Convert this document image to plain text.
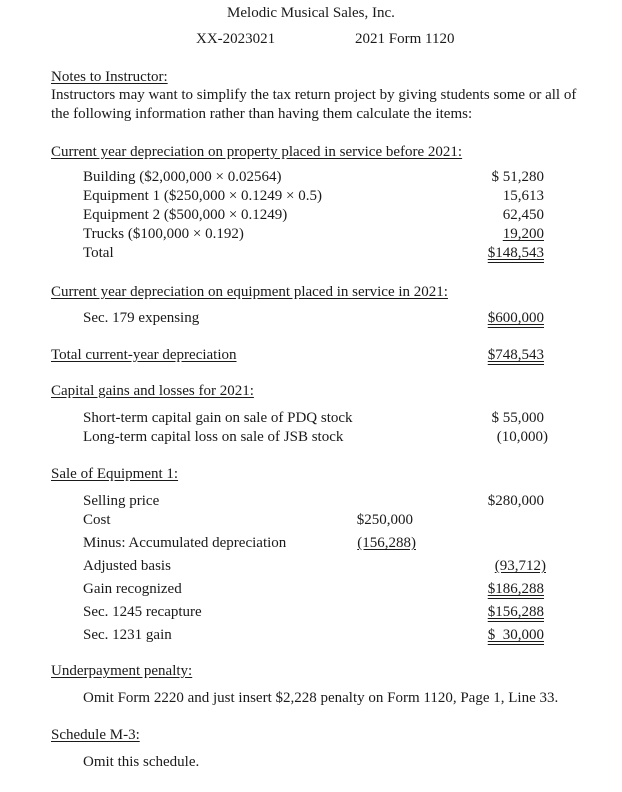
Melodic Musical Sales, Inc.
XX-2023021	2021 Form 1120
Notes to Instructor:
Instructors may want to simplify the tax return project by giving students some or all of the following information rather than having them calculate the items:
Current year depreciation on property placed in service before 2021:
Building ($2,000,000 × 0.02564)	$ 51,280
Equipment 1 ($250,000 × 0.1249 × 0.5)	15,613
Equipment 2 ($500,000 × 0.1249)	62,450
Trucks ($100,000 × 0.192)	19,200
Total	$148,543
Current year depreciation on equipment placed in service in 2021:
Sec. 179 expensing	$600,000
Total current-year depreciation	$748,543
Capital gains and losses for 2021:
Short-term capital gain on sale of PDQ stock	$ 55,000
Long-term capital loss on sale of JSB stock	(10,000)
Sale of Equipment 1:
Selling price	$280,000
Cost	$250,000
Minus: Accumulated depreciation	(156,288)
Adjusted basis	(93,712)
Gain recognized	$186,288
Sec. 1245 recapture	$156,288
Sec. 1231 gain	$  30,000
Underpayment penalty:
Omit Form 2220 and just insert $2,228 penalty on Form 1120, Page 1, Line 33.
Schedule M-3:
Omit this schedule.
